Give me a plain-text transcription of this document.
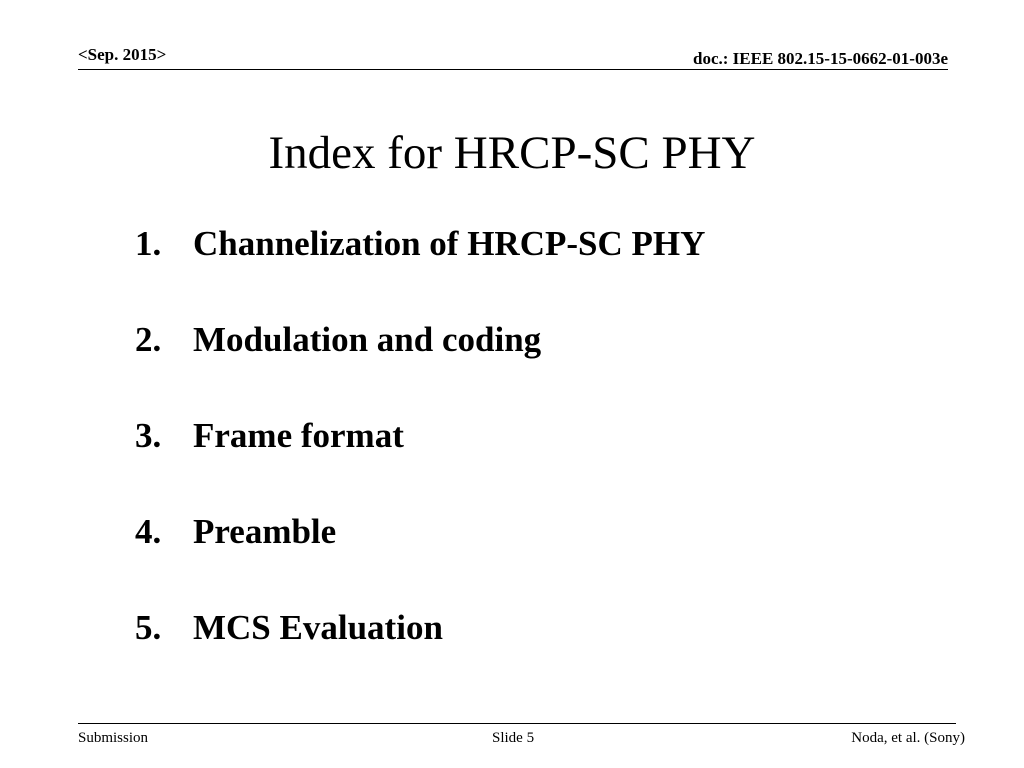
<Sep. 2015>	doc.: IEEE 802.15-15-0662-01-003e
Index for HRCP-SC PHY
1. Channelization of HRCP-SC PHY
2. Modulation and coding
3. Frame format
4. Preamble
5. MCS Evaluation
Submission	Slide 5	Noda, et al. (Sony)
